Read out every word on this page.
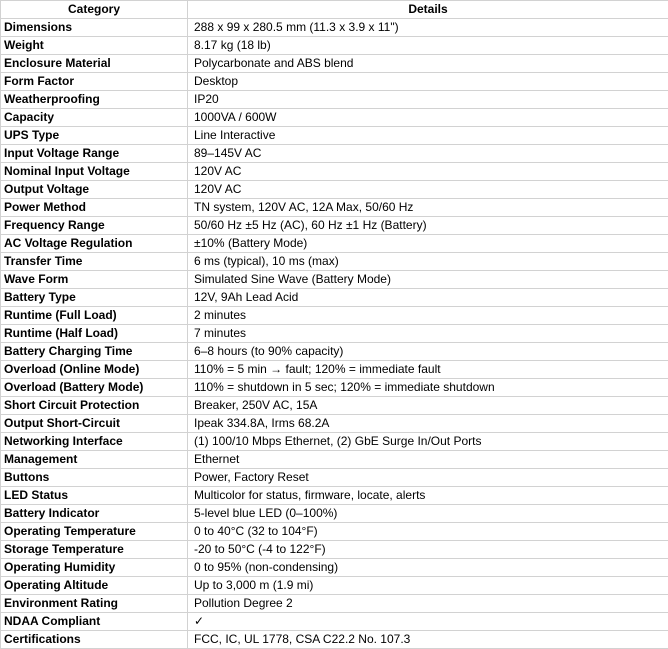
Category	Details
Dimensions	288 x 99 x 280.5 mm (11.3 x 3.9 x 11")
Weight	8.17 kg (18 lb)
Enclosure Material	Polycarbonate and ABS blend
Form Factor	Desktop
Weatherproofing	IP20
Capacity	1000VA / 600W
UPS Type	Line Interactive
Input Voltage Range	89–145V AC
Nominal Input Voltage	120V AC
Output Voltage	120V AC
Power Method	TN system, 120V AC, 12A Max, 50/60 Hz
Frequency Range	50/60 Hz ±5 Hz (AC), 60 Hz ±1 Hz (Battery)
AC Voltage Regulation	±10% (Battery Mode)
Transfer Time	6 ms (typical), 10 ms (max)
Wave Form	Simulated Sine Wave (Battery Mode)
Battery Type	12V, 9Ah Lead Acid
Runtime (Full Load)	2 minutes
Runtime (Half Load)	7 minutes
Battery Charging Time	6–8 hours (to 90% capacity)
Overload (Online Mode)	110% = 5 min → fault; 120% = immediate fault
Overload (Battery Mode)	110% = shutdown in 5 sec; 120% = immediate shutdown
Short Circuit Protection	Breaker, 250V AC, 15A
Output Short-Circuit	Ipeak 334.8A, Irms 68.2A
Networking Interface	(1) 100/10 Mbps Ethernet, (2) GbE Surge In/Out Ports
Management	Ethernet
Buttons	Power, Factory Reset
LED Status	Multicolor for status, firmware, locate, alerts
Battery Indicator	5-level blue LED (0–100%)
Operating Temperature	0 to 40°C (32 to 104°F)
Storage Temperature	-20 to 50°C (-4 to 122°F)
Operating Humidity	0 to 95% (non-condensing)
Operating Altitude	Up to 3,000 m (1.9 mi)
Environment Rating	Pollution Degree 2
NDAA Compliant	✓
Certifications	FCC, IC, UL 1778, CSA C22.2 No. 107.3
